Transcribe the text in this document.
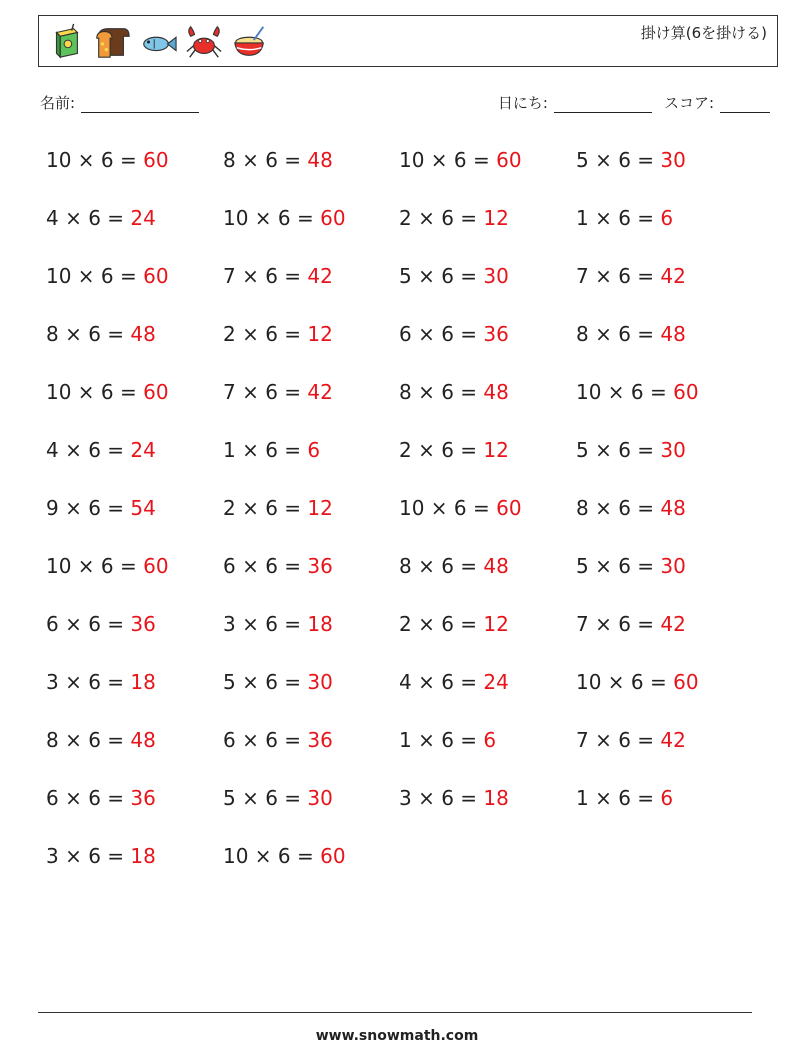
掛け算(6を掛ける)
名前:	日にち:	スコア:
10 × 6 = 60	8 × 6 = 48	10 × 6 = 60	5 × 6 = 30
4 × 6 = 24	10 × 6 = 60	2 × 6 = 12	1 × 6 = 6
10 × 6 = 60	7 × 6 = 42	5 × 6 = 30	7 × 6 = 42
8 × 6 = 48	2 × 6 = 12	6 × 6 = 36	8 × 6 = 48
10 × 6 = 60	7 × 6 = 42	8 × 6 = 48	10 × 6 = 60
4 × 6 = 24	1 × 6 = 6	2 × 6 = 12	5 × 6 = 30
9 × 6 = 54	2 × 6 = 12	10 × 6 = 60	8 × 6 = 48
10 × 6 = 60	6 × 6 = 36	8 × 6 = 48	5 × 6 = 30
6 × 6 = 36	3 × 6 = 18	2 × 6 = 12	7 × 6 = 42
3 × 6 = 18	5 × 6 = 30	4 × 6 = 24	10 × 6 = 60
8 × 6 = 48	6 × 6 = 36	1 × 6 = 6	7 × 6 = 42
6 × 6 = 36	5 × 6 = 30	3 × 6 = 18	1 × 6 = 6
3 × 6 = 18	10 × 6 = 60
www.snowmath.com
